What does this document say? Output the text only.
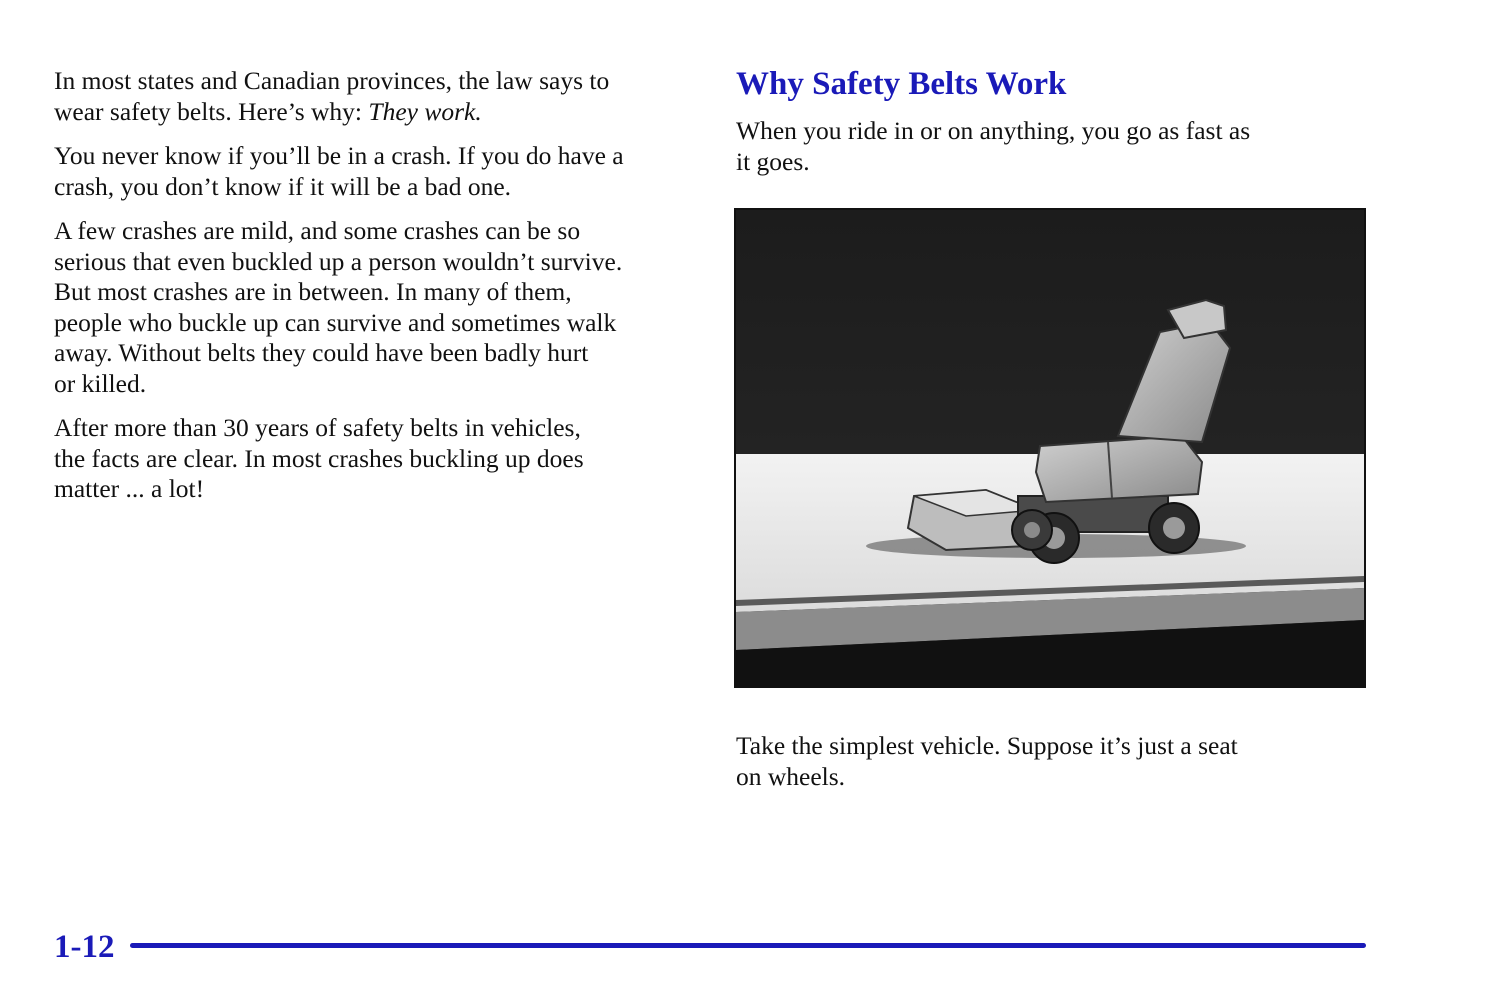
In most states and Canadian provinces, the law says to
wear safety belts. Here’s why: They work.

You never know if you’ll be in a crash. If you do have a
crash, you don’t know if it will be a bad one.

A few crashes are mild, and some crashes can be so
serious that even buckled up a person wouldn’t survive.
But most crashes are in between. In many of them,
people who buckle up can survive and sometimes walk
away. Without belts they could have been badly hurt
or killed.

After more than 30 years of safety belts in vehicles,
the facts are clear. In most crashes buckling up does
matter ... a lot!

Why Safety Belts Work

When you ride in or on anything, you go as fast as
it goes.

Take the simplest vehicle. Suppose it’s just a seat
on wheels.

1-12
